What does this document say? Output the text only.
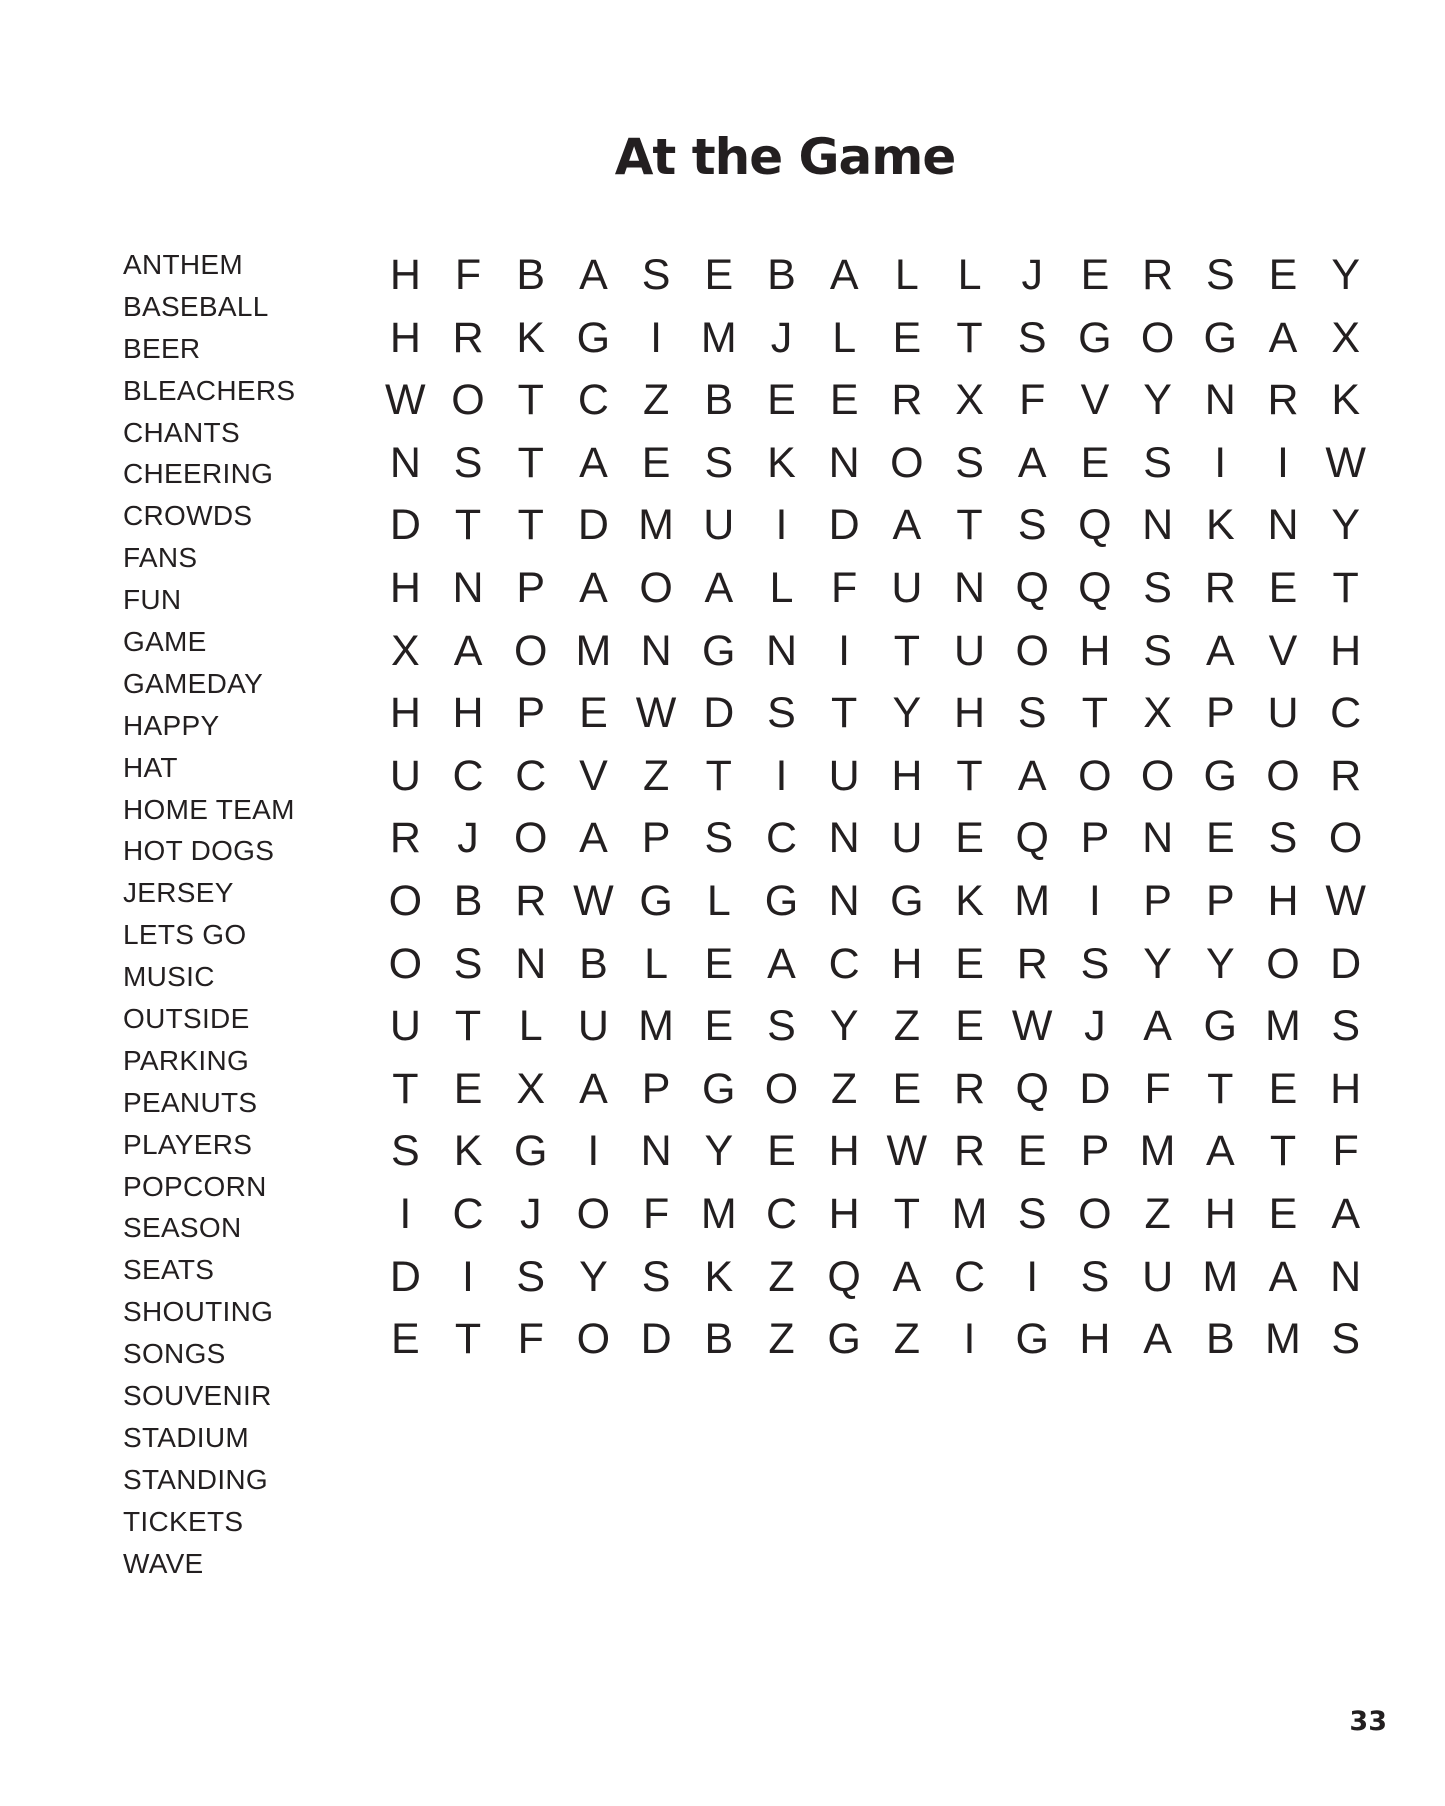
At the Game
ANTHEM
BASEBALL
BEER
BLEACHERS
CHANTS
CHEERING
CROWDS
FANS
FUN
GAME
GAMEDAY
HAPPY
HAT
HOME TEAM
HOT DOGS
JERSEY
LETS GO
MUSIC
OUTSIDE
PARKING
PEANUTS
PLAYERS
POPCORN
SEASON
SEATS
SHOUTING
SONGS
SOUVENIR
STADIUM
STANDING
TICKETS
WAVE
H F B A S E B A L L J E R S E Y
H R K G I M J L E T S G O G A X
W O T C Z B E E R X F V Y N R K
N S T A E S K N O S A E S I	I W
D T T D M U I D A T S Q N K N Y
H N P A O A L F U N Q Q S R E T
X A O M N G N I	T U O H S A V H
H H P E W D S T Y H S T X P U C
U C C V Z T	I U H T A O O G O R
R J O A P S C N U E Q P N E S O
O B R W G L G N G K M I P P H W
O S N B L E A C H E R S Y Y O D
U T L U M E S Y Z E W J A G M S
T E X A P G O Z E R Q D F T E H
S K G I N Y E H W R E P M A T F
I C J O F M C H T M S O Z H E A
D I S Y S K Z Q A C I S U M A N
E T F O D B Z G Z	I G H A B M S
33
